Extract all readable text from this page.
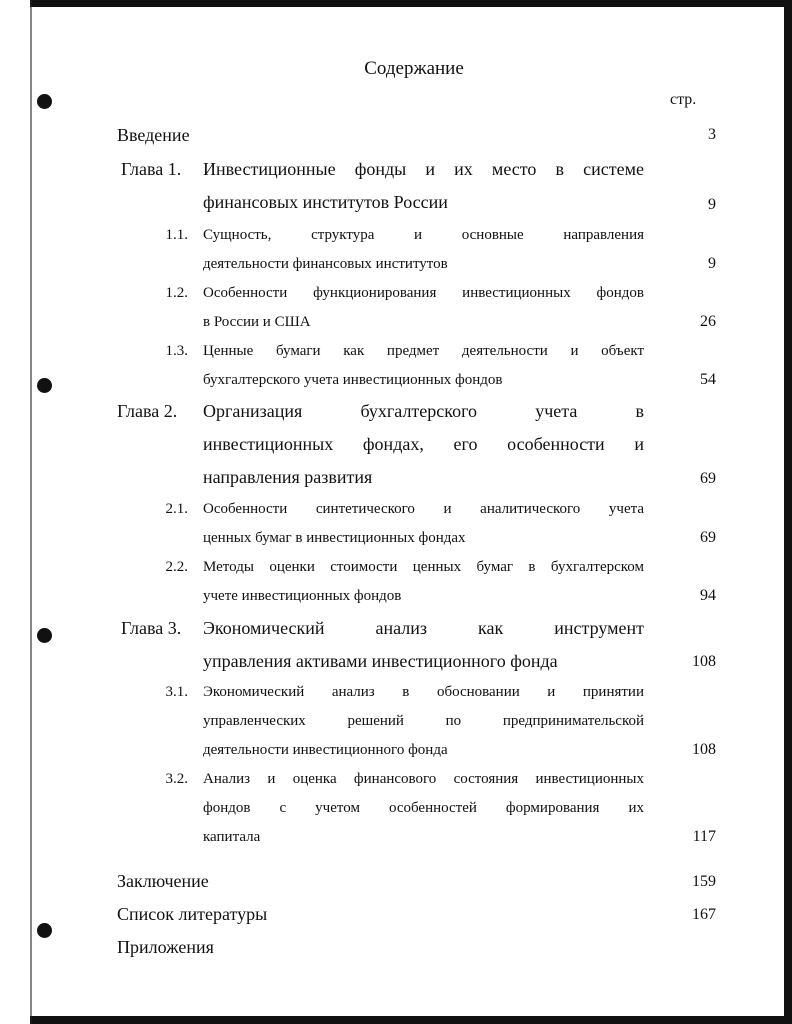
Содержание
стр.
Введение	3
Глава 1. Инвестиционные фонды и их место в системе
финансовых институтов России	9
1.1. Сущность, структура и основные направления
деятельности финансовых институтов	9
1.2. Особенности функционирования инвестиционных фондов
в России и США	26
1.3. Ценные бумаги как предмет деятельности и объект
бухгалтерского учета инвестиционных фондов	54
Глава 2. Организация бухгалтерского учета в
инвестиционных фондах, его особенности и
направления развития	69
2.1. Особенности синтетического и аналитического учета
ценных бумаг в инвестиционных фондах	69
2.2. Методы оценки стоимости ценных бумаг в бухгалтерском
учете инвестиционных фондов	94
Глава 3. Экономический анализ как инструмент
управления активами инвестиционного фонда	108
3.1. Экономический анализ в обосновании и принятии
управленческих решений по предпринимательской
деятельности инвестиционного фонда	108
3.2. Анализ и оценка финансового состояния инвестиционных
фондов с учетом особенностей формирования их
капитала	117
Заключение	159
Список литературы	167
Приложения
